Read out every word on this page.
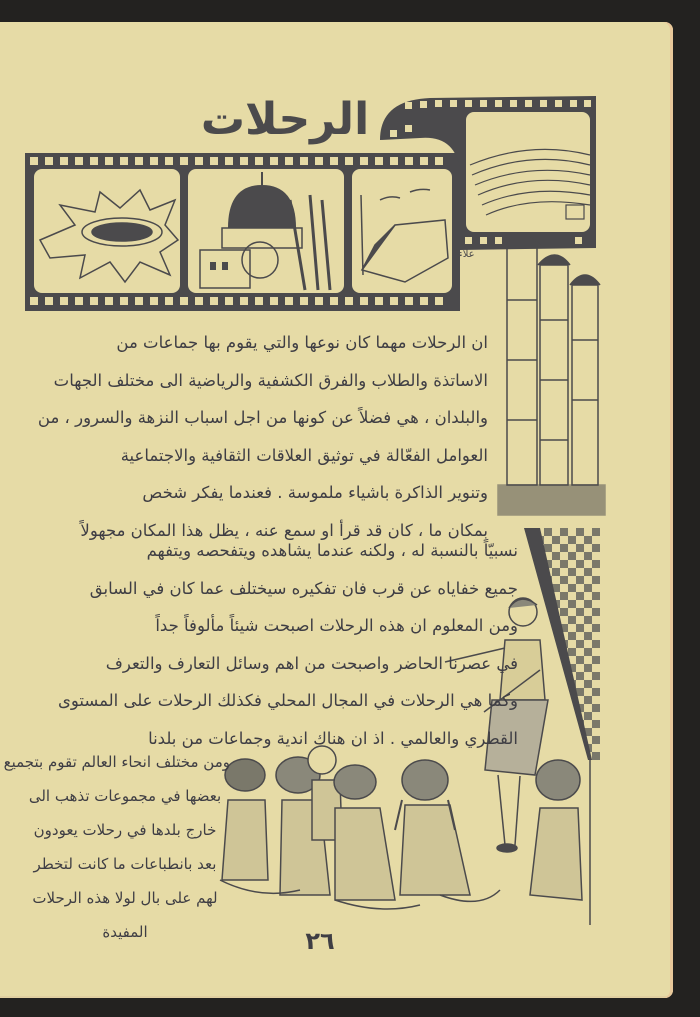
الرحلات
علاء
ان الرحلات مهما كان نوعها والتي يقوم بها جماعات من
الاساتذة والطلاب والفرق الكشفية والرياضية الى مختلف الجهات
والبلدان ، هي فضلاً عن كونها من اجل اسباب النزهة والسرور ، من
العوامل الفعّالة في توثيق العلاقات الثقافية والاجتماعية
وتنوير الذاكرة باشياء ملموسة . فعندما يفكر شخص
بمكان ما ، كان قد قرأ او سمع عنه ، يظل هذا المكان مجهولاً
نسبيّاً بالنسبة له ، ولكنه عندما يشاهده ويتفحصه ويتفهم
جميع خفاياه عن قرب فان تفكيره سيختلف عما كان في السابق
ومن المعلوم ان هذه الرحلات اصبحت شيئاً مألوفاً جداً
في عصرنا الحاضر واصبحت من اهم وسائل التعارف والتعرف
وكما هي الرحلات في المجال المحلي فكذلك الرحلات على المستوى
القطري والعالمي . اذ ان هناك اندية وجماعات من بلدنا
ومن مختلف انحاء العالم تقوم بتجميع
بعضها في مجموعات تذهب الى
خارج بلدها في رحلات يعودون
بعد بانطباعات ما كانت لتخطر
لهم على بال لولا هذه الرحلات
المفيدة	٢٦
